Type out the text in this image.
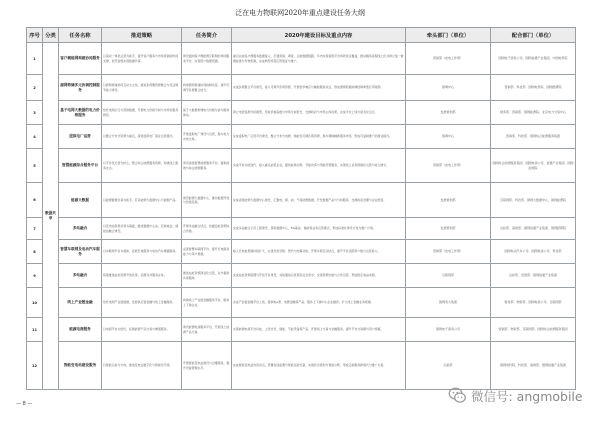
泛在电力物联网2020年重点建设任务大纲
序号	分类	任务名称	推进策略	任务简介	2020年建设目标及重点内容	牵头部门（单位）	配合部门（单位）
1	数据共享	客户侧能网构建协同服务	以滚动一体化运营为抓手，提升客户服务与市场营销的协同支撑，依托省级实现数据共享。	建设面向客户侧能源互联网的协同服务平台，实现用户数据贯通。	重点完成客户侧服务数据接入，打通营销、调度、运检数据链路，年内实现省级平台协同试点覆盖，推动服务流程线上化并建立统一数据标准与考核机制，完成典型场景应用验证与推广。	营销部（农电工作部）	国网电子商务公司、国网信通产业集团、中国电科院
2		源网荷储多元协调控制服务	以源网荷储协同互动为主线，推进负荷侧资源聚合与灵活调节能力建设。	构建源网荷储协同控制系统，提升可调节负荷聚合能力。	完成负荷聚合平台建设，接入可调节负荷资源，开展需求响应与辅助服务试点，形成源网荷储协调控制典型应用案例。	国调中心	营销部、科技部、国网电科院、国网经研院
3		基于电网大数据的电力价格服务	依托电网运行与营销数据，开展电力价格分析与市场化服务研究。	基于大数据构建电力价格分析与服务体系。	建立电价监测分析模型，形成价格指数与市场分析报告，支撑政府与市场主体决策，完成平台上线与常态化运行。	发展策划部	财务部、营销部、国网能源院、北京电力交易中心
4		虚拟电厂运营	以聚合分布式资源为重点，探索虚拟电厂商业运营模式。	开展虚拟电厂建设与运营，参与电力市场交易。	完成虚拟电厂运营平台建设，聚合分布式电源、储能及可调负荷资源，参与调峰辅助服务市场，形成可复制推广的商业模式。	国调中心	营销部、科技部、国网综合能源服务集团
5		智慧能源综合服务平台	以平台化运营为核心，整合综合能源服务资源，构建线上服务生态。	建设省级智慧能源服务平台，提供能效与综合能源服务。	完成平台功能迭代，接入重点能耗企业，提供能效诊断、节能改造与用能托管服务，实现线上业务规模化运营与收入增长。	营销部（农电工作部）	国网综合能源服务集团、国网电商公司、信通产业集团、国网能源院
6		能源大数据	以能源数据共享为抓手，打造能源大数据中心与数据产品。	建设能源大数据中心，推动数据开放与价值变现。	完成省级能源大数据中心建设，汇聚电、煤、油、气等能源数据，开发数据产品与分析服务，支撑政府治理与企业经营。	发展策划部	互联网部、科技部、国网大数据中心、国网能源院
7		多站融合	以变电站资源共享为基础，推进数据中心站、充换电站、储能站融合建设。	开展多站融合试点，挖掘站址资源综合价值。	完成多站融合示范工程建设，探索数据中心、5G基站、储能等业务运营模式，形成标准化建设方案与推广计划。	发展策划部	运检部、基建部、国网信通产业集团、国网经研院
8		智慧车联网及电动汽车服务	以车联网平台为载体，拓展充电服务与电动汽车增值服务。	完善智慧车联网平台，提升充电服务能力与用户规模。	接入充电桩规模持续扩大，完善充电导航、预约与结算功能，开展车网互动试点，提升平台活跃用户数与运营收入。	营销部（农电工作部）	国网电动汽车公司、国网电商公司、科技部
9		多站融合	统筹推进站址资源开放共享，拓展对外服务业务。	推进站址资源商业化运营，对外提供共享服务。	完成站址资源梳理与开放平台建设，对接通信运营商及社会需求，实现资源出租与合作运营，形成稳定收益来源。	互联网部	运检部、发展部、国网信通产业集团
10		线上产业链金融	依托电网产业链数据，发展供应链金融与线上金融服务。	构建线上产业链金融服务平台，服务上下游企业。	完成产业链金融平台上线，提供电e票、电费金融等产品，服务上下游中小企业融资，扩大线上金融业务规模。	国网英大集团	财务部、物资部、国网电商公司、互联网部
11		能源电商服务	以电商平台为依托，拓展能源产品交易与增值服务。	建设能源电商服务平台，开展线上能源产品交易。	完善能源电商平台功能，上线光伏、储能、节能设备等产品，开展线上交易与金融服务，提升平台交易额与用户规模。	国网电子商务公司	营销部、物资部、互联网部、国网综合能源服务集团
12		智能变电站建设服务	以智能运检为方向，推进变电站数字化与智能化升级。	开展智能变电站建设与运维服务，提升设备管理水平。	完成智能变电站改造试点，部署在线监测与智能巡检设备，实现状态感知与智能诊断，形成运检服务新模式与推广方案。	运检部	国网电科院、科技部、基建部、国网信通产业集团
— 8 —	微信号: angmobile
